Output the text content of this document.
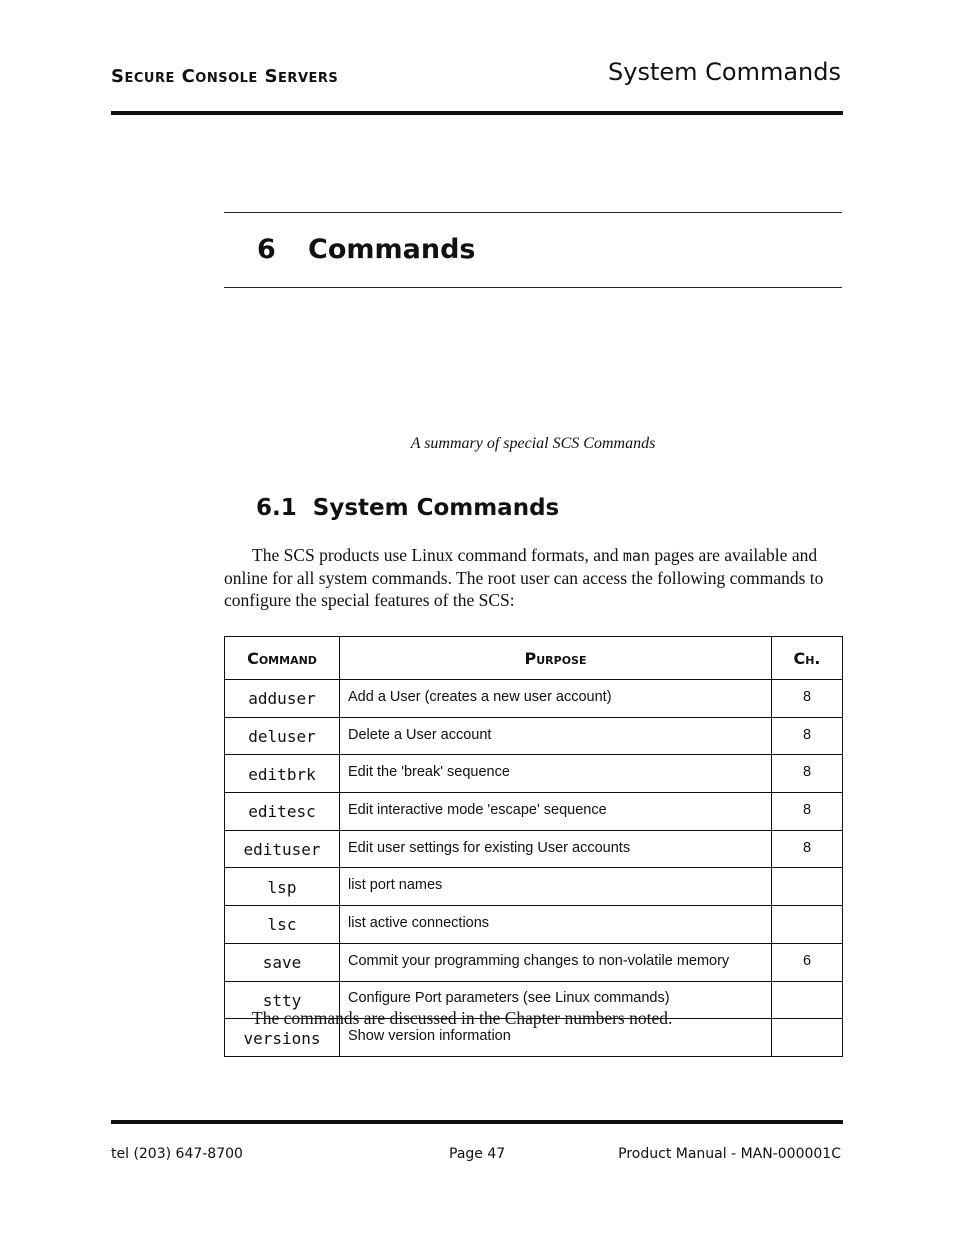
Secure Console Servers	System Commands
6 Commands
A summary of special SCS Commands
6.1  System Commands
The SCS products use Linux command formats, and man pages are available and online for all system commands. The root user can access the following commands to configure the special features of the SCS:
Command	Purpose	Ch.
adduser	Add a User (creates a new user account)	8
deluser	Delete a User account	8
editbrk	Edit the 'break' sequence	8
editesc	Edit interactive mode 'escape' sequence	8
edituser	Edit user settings for existing User accounts	8
lsp	list port names	
lsc	list active connections	
save	Commit your programming changes to non-volatile memory	6
stty	Configure Port parameters (see Linux commands)	
versions	Show version information	
The commands are discussed in the Chapter numbers noted.
tel (203) 647-8700	Page 47	Product Manual - MAN-000001C
